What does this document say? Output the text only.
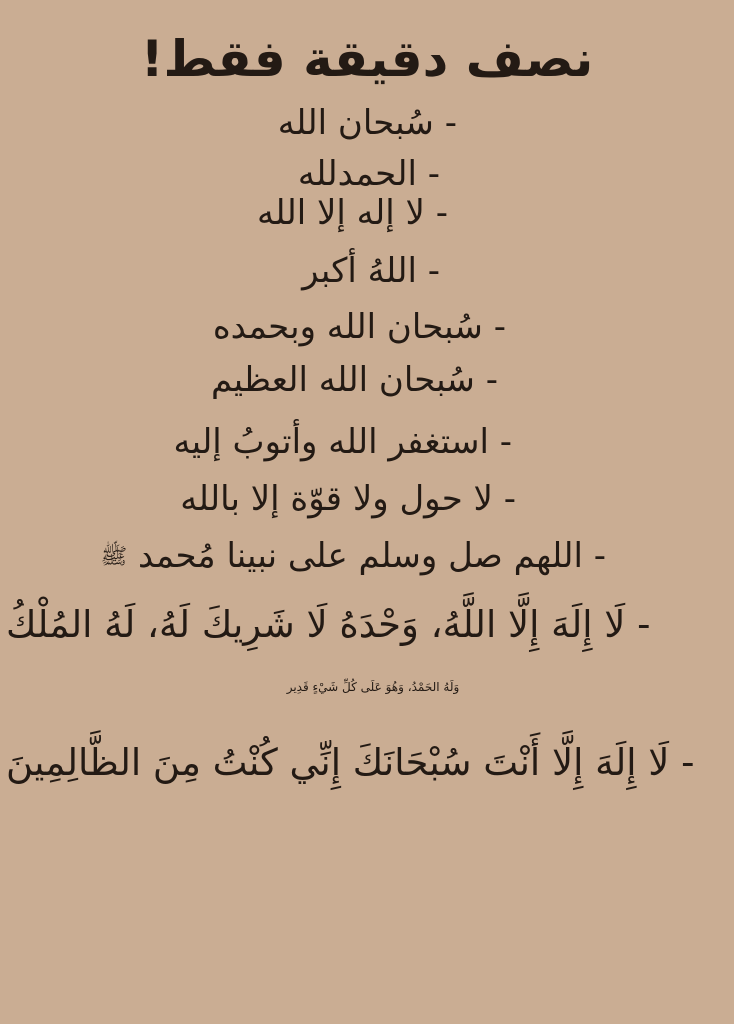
نصف دقيقة فقط!
- سُبحان الله
- الحمدلله
- لا إله إلا الله
- اللهُ أكبر
- سُبحان الله وبحمده
- سُبحان الله العظيم
- استغفر الله وأتوبُ إليه
- لا حول ولا قوّة إلا بالله
- اللهم صل وسلم على نبينا مُحمد ﷺ
- لَا إِلَهَ إِلَّا اللَّهُ، وَحْدَهُ لَا شَرِيكَ لَهُ، لَهُ المُلْكُ
وَلَهُ الحَمْدُ، وَهُوَ عَلَى كُلِّ شَيْءٍ قَدِير
- لَا إِلَهَ إِلَّا أَنْتَ سُبْحَانَكَ إِنِّي كُنْتُ مِنَ الظَّالِمِينَ
